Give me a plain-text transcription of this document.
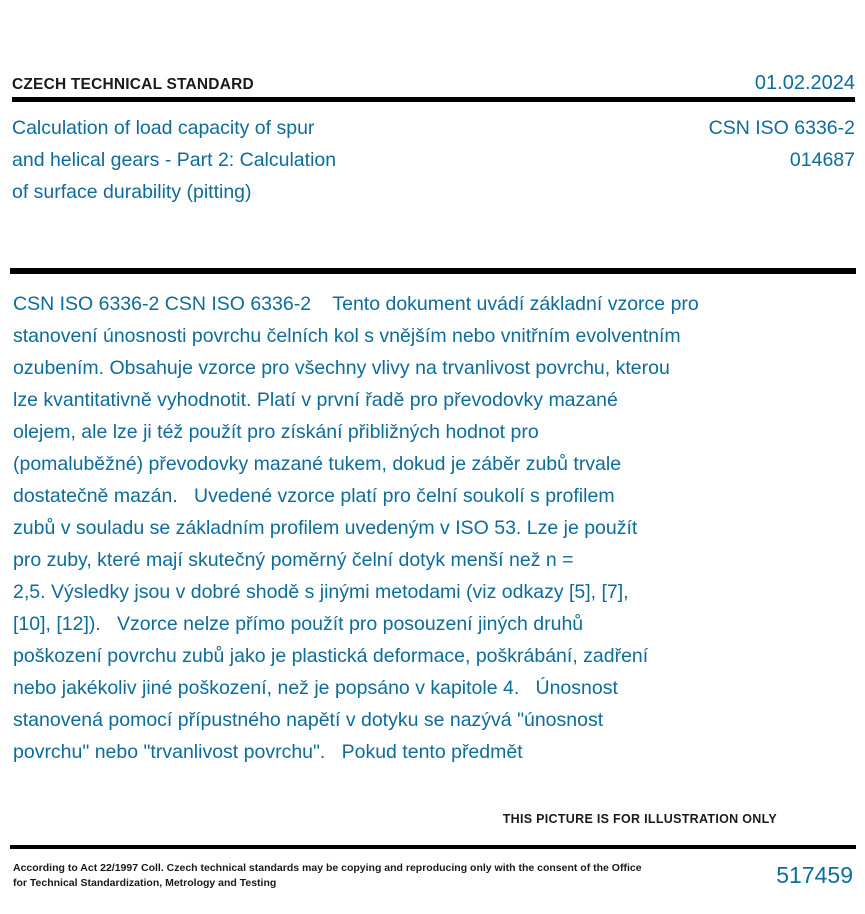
CZECH TECHNICAL STANDARD	01.02.2024
Calculation of load capacity of spur
and helical gears - Part 2: Calculation
of surface durability (pitting)
CSN ISO 6336-2
014687
CSN ISO 6336-2 CSN ISO 6336-2    Tento dokument uvádí základní vzorce pro
stanovení únosnosti povrchu čelních kol s vnějším nebo vnitřním evolventním
ozubením. Obsahuje vzorce pro všechny vlivy na trvanlivost povrchu, kterou
lze kvantitativně vyhodnotit. Platí v první řadě pro převodovky mazané
olejem, ale lze ji též použít pro získání přibližných hodnot pro
(pomaluběžné) převodovky mazané tukem, dokud je záběr zubů trvale
dostatečně mazán.   Uvedené vzorce platí pro čelní soukolí s profilem
zubů v souladu se základním profilem uvedeným v ISO 53. Lze je použít
pro zuby, které mají skutečný poměrný čelní dotyk menší než n =
2,5. Výsledky jsou v dobré shodě s jinými metodami (viz odkazy [5], [7],
[10], [12]).   Vzorce nelze přímo použít pro posouzení jiných druhů
poškození povrchu zubů jako je plastická deformace, poškrábání, zadření
nebo jakékoliv jiné poškození, než je popsáno v kapitole 4.   Únosnost
stanovená pomocí přípustného napětí v dotyku se nazývá "únosnost
povrchu" nebo "trvanlivost povrchu".   Pokud tento předmět
THIS PICTURE IS FOR ILLUSTRATION ONLY
According to Act 22/1997 Coll. Czech technical standards may be copying and reproducing only with the consent of the Office
for Technical Standardization, Metrology and Testing	517459
